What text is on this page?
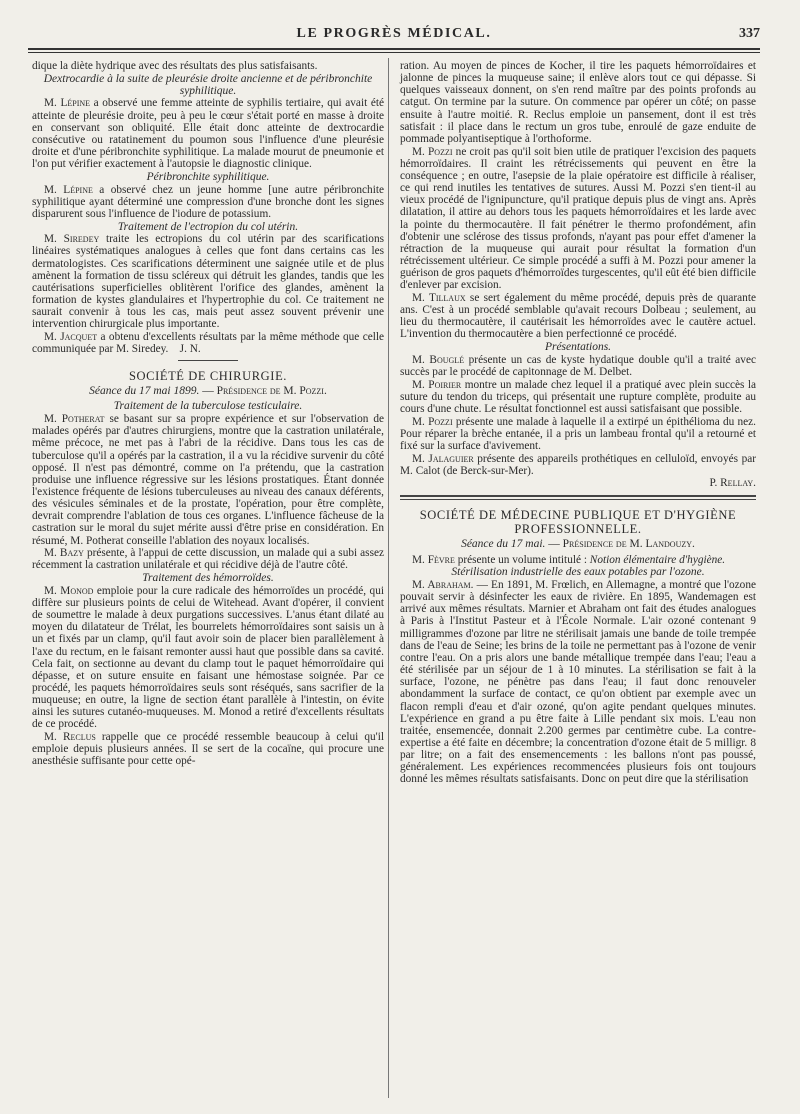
LE PROGRÈS MÉDICAL.	337

dique la diète hydrique avec des résultats des plus satisfaisants.

Dextrocardie à la suite de pleurésie droite ancienne et de péribronchite syphilitique.

M. Lépine a observé une femme atteinte de syphilis tertiaire, qui avait été atteinte de pleurésie droite, peu à peu le cœur s'était porté en masse à droite en conservant son obliquité. Elle était donc atteinte de dextrocardie consécutive ou ratatinement du poumon sous l'influence d'une pleurésie droite et d'une péribronchite syphilitique. La malade mourut de pneumonie et l'on put vérifier exactement à l'autopsie le diagnostic clinique.

Péribronchite syphilitique.

M. Lépine a observé chez un jeune homme [une autre péribronchite syphilitique ayant déterminé une compression d'une bronche dont les signes disparurent sous l'influence de l'iodure de potassium.

Traitement de l'ectropion du col utérin.

M. Siredey traite les ectropions du col utérin par des scarifications linéaires systématiques analogues à celles que font dans certains cas les dermatologistes. Ces scarifications déterminent une saignée utile et de plus amènent la formation de tissu scléreux qui détruit les glandes, tandis que les cautérisations superficielles oblitèrent l'orifice des glandes, amènent la formation de kystes glandulaires et l'hypertrophie du col. Ce traitement ne saurait convenir à tous les cas, mais peut assez souvent prévenir une intervention chirurgicale plus importante.

M. Jacquet a obtenu d'excellents résultats par la même méthode que celle communiquée par M. Siredey. J. N.

SOCIÉTÉ DE CHIRURGIE.
Séance du 17 mai 1899. — Présidence de M. Pozzi.

Traitement de la tuberculose testiculaire.

M. Potherat se basant sur sa propre expérience et sur l'observation de malades opérés par d'autres chirurgiens, montre que la castration unilatérale, même précoce, ne met pas à l'abri de la récidive. Dans tous les cas de tuberculose qu'il a opérés par la castration, il a vu la récidive survenir du côté opposé. Il n'est pas démontré, comme on l'a prétendu, que la castration produise une influence régressive sur les lésions prostatiques. Étant donnée l'existence fréquente de lésions tuberculeuses au niveau des canaux déférents, des vésicules séminales et de la prostate, l'opération, pour être complète, devrait comprendre l'ablation de tous ces organes. L'influence fâcheuse de la castration sur le moral du sujet mérite aussi d'être prise en considération. En résumé, M. Potherat conseille l'ablation des noyaux localisés.

M. Bazy présente, à l'appui de cette discussion, un malade qui a subi assez récemment la castration unilatérale et qui récidive déjà de l'autre côté.

Traitement des hémorroïdes.

M. Monod emploie pour la cure radicale des hémorroïdes un procédé, qui diffère sur plusieurs points de celui de Witehead. Avant d'opérer, il convient de soumettre le malade à deux purgations successives. L'anus étant dilaté au moyen du dilatateur de Trélat, les bourrelets hémorroïdaires sont saisis un à un et fixés par un clamp, qu'il faut avoir soin de placer bien parallèlement à l'axe du rectum, en le faisant remonter aussi haut que possible dans sa cavité. Cela fait, on sectionne au devant du clamp tout le paquet hémorroïdaire qui dépasse, et on suture ensuite en faisant une hémostase soignée. Par ce procédé, les paquets hémorroïdaires seuls sont réséqués, sans sacrifier de la muqueuse; en outre, la ligne de section étant parallèle à l'intestin, on évite ainsi les sutures cutanéo-muqueuses. M. Monod a retiré d'excellents résultats de ce procédé.

M. Reclus rappelle que ce procédé ressemble beaucoup à celui qu'il emploie depuis plusieurs années. Il se sert de la cocaïne, qui procure une anesthésie suffisante pour cette opé-

ration. Au moyen de pinces de Kocher, il tire les paquets hémorroïdaires et jalonne de pinces la muqueuse saine; il enlève alors tout ce qui dépasse. Si quelques vaisseaux donnent, on s'en rend maître par des points profonds au catgut. On termine par la suture. On commence par opérer un côté; on passe ensuite à l'autre moitié. R. Reclus emploie un pansement, dont il est très satisfait : il place dans le rectum un gros tube, enroulé de gaze enduite de pommade polyantiseptique à l'orthoforme.

M. Pozzi ne croit pas qu'il soit bien utile de pratiquer l'excision des paquets hémorroïdaires. Il craint les rétrécissements qui peuvent en être la conséquence ; en outre, l'asepsie de la plaie opératoire est difficile à réaliser, ce qui rend inutiles les tentatives de sutures. Aussi M. Pozzi s'en tient-il au vieux procédé de l'ignipuncture, qu'il pratique depuis plus de vingt ans. Après dilatation, il attire au dehors tous les paquets hémorroïdaires et les larde avec la pointe du thermocautère. Il fait pénétrer le thermo profondément, afin d'obtenir une sclérose des tissus profonds, n'ayant pas pour effet d'amener la rétraction de la muqueuse qui aurait pour résultat la formation d'un rétrécissement ultérieur. Ce simple procédé a suffi à M. Pozzi pour amener la guérison de gros paquets d'hémorroïdes turgescentes, qu'il eût été bien difficile d'enlever par excision.

M. Tillaux se sert également du même procédé, depuis près de quarante ans. C'est à un procédé semblable qu'avait recours Dolbeau ; seulement, au lieu du thermocautère, il cautérisait les hémorroïdes avec le cautère actuel. L'invention du thermocautère a bien perfectionné ce procédé.

Présentations.

M. Bouglé présente un cas de kyste hydatique double qu'il a traité avec succès par le procédé de capitonnage de M. Delbet.

M. Poirier montre un malade chez lequel il a pratiqué avec plein succès la suture du tendon du triceps, qui présentait une rupture complète, produite au cours d'une chute. Le résultat fonctionnel est aussi satisfaisant que possible.

M. Pozzi présente une malade à laquelle il a extirpé un épithélioma du nez. Pour réparer la brèche entanée, il a pris un lambeau frontal qu'il a retourné et fixé sur la surface d'avivement.

M. Jalaguier présente des appareils prothétiques en celluloïd, envoyés par M. Calot (de Berck-sur-Mer).

P. Rellay.

SOCIÉTÉ DE MÉDECINE PUBLIQUE ET D'HYGIÈNE PROFESSIONNELLE.
Séance du 17 mai. — Présidence de M. Landouzy.

M. Fèvre présente un volume intitulé : Notion élémentaire d'hygiène.

Stérilisation industrielle des eaux potables par l'ozone.

M. Abraham. — En 1891, M. Frœlich, en Allemagne, a montré que l'ozone pouvait servir à désinfecter les eaux de rivière. En 1895, Wandemagen est arrivé aux mêmes résultats. Marnier et Abraham ont fait des études analogues à Paris à l'Institut Pasteur et à l'École Normale. L'air ozoné contenant 9 milligrammes d'ozone par litre ne stérilisait jamais une bande de toile trempée dans de l'eau de Seine; les brins de la toile ne permettant pas à l'ozone de venir contre l'eau. On a pris alors une bande métallique trempée dans l'eau; l'eau a été stérilisée par un séjour de 1 à 10 minutes. La stérilisation se fait à la surface, l'ozone, ne pénètre pas dans l'eau; il faut donc renouveler abondamment la surface de contact, ce qu'on obtient par exemple avec un flacon rempli d'eau et d'air ozoné, qu'on agite pendant quelques minutes. L'expérience en grand a pu être faite à Lille pendant six mois. L'eau non traitée, ensemencée, donnait 2.200 germes par centimètre cube. La contre-expertise a été faite en décembre; la concentration d'ozone était de 5 milligr. 8 par litre; on a fait des ensemencements : les ballons n'ont pas poussé, généralement. Les expériences recommencées plusieurs fois ont toujours donné les mêmes résultats satisfaisants. Donc on peut dire que la stérilisation
